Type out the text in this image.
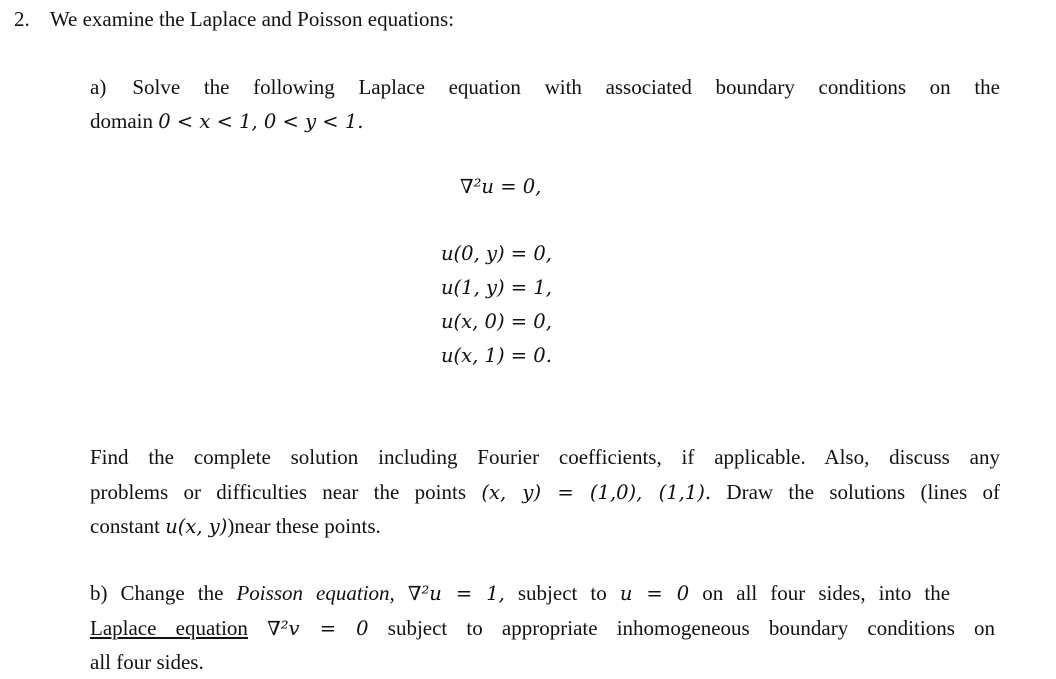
2. We examine the Laplace and Poisson equations:
a) Solve the following Laplace equation with associated boundary conditions on the
domain 0 < x < 1, 0 < y < 1.
∇²u = 0,
u(0, y) = 0,
u(1, y) = 1,
u(x, 0) = 0,
u(x, 1) = 0.
Find the complete solution including Fourier coefficients, if applicable. Also, discuss any
problems or difficulties near the points (x, y) = (1,0), (1,1). Draw the solutions (lines of
constant u(x, y))near these points.
b) Change the Poisson equation, ∇²u = 1, subject to u = 0 on all four sides, into the
Laplace equation ∇²v = 0 subject to appropriate inhomogeneous boundary conditions on
all four sides.
